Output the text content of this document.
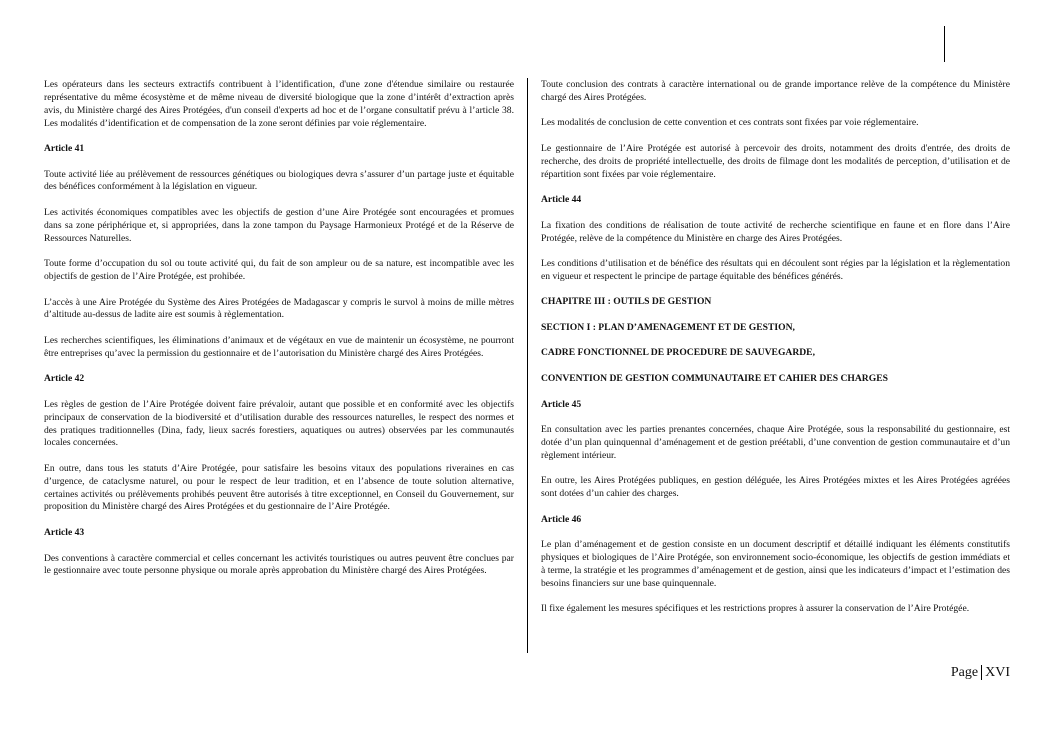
Les opérateurs dans les secteurs extractifs contribuent à l’identification, d'une zone d'étendue similaire ou restaurée représentative du même écosystème et de même niveau de diversité biologique que la zone d’intérêt d’extraction après avis, du Ministère chargé des Aires Protégées, d'un conseil d'experts ad hoc et de l’organe consultatif prévu à l’article 38. Les modalités d’identification et de compensation de la zone seront définies par voie réglementaire.

Article 41

Toute activité liée au prélèvement de ressources génétiques ou biologiques devra s’assurer d’un partage juste et équitable des bénéfices conformément à la législation en vigueur.

Les activités économiques compatibles avec les objectifs de gestion d’une Aire Protégée sont encouragées et promues dans sa zone périphérique et, si appropriées, dans la zone tampon du Paysage Harmonieux Protégé et de la Réserve de Ressources Naturelles.

Toute forme d’occupation du sol ou toute activité qui, du fait de son ampleur ou de sa nature, est incompatible avec les objectifs de gestion de l’Aire Protégée, est prohibée.

L’accès à une Aire Protégée du Système des Aires Protégées de Madagascar y compris le survol à moins de mille mètres d’altitude au-dessus de ladite aire est soumis à règlementation.

Les recherches scientifiques, les éliminations d’animaux et de végétaux en vue de maintenir un écosystème, ne pourront être entreprises qu’avec la permission du gestionnaire et de l’autorisation du Ministère chargé des Aires Protégées.

Article 42

Les règles de gestion de l’Aire Protégée doivent faire prévaloir, autant que possible et en conformité avec les objectifs principaux de conservation de la biodiversité et d’utilisation durable des ressources naturelles, le respect des normes et des pratiques traditionnelles (Dina, fady, lieux sacrés forestiers, aquatiques ou autres) observées par les communautés locales concernées.

En outre, dans tous les statuts d’Aire Protégée, pour satisfaire les besoins vitaux des populations riveraines en cas d’urgence, de cataclysme naturel, ou pour le respect de leur tradition, et en l’absence de toute solution alternative, certaines activités ou prélèvements prohibés peuvent être autorisés à titre exceptionnel, en Conseil du Gouvernement, sur proposition du Ministère chargé des Aires Protégées et du gestionnaire de l’Aire Protégée.

Article 43

Des conventions à caractère commercial et celles concernant les activités touristiques ou autres peuvent être conclues par le gestionnaire avec toute personne physique ou morale après approbation du Ministère chargé des Aires Protégées.

Toute conclusion des contrats à caractère international ou de grande importance relève de la compétence du Ministère chargé des Aires Protégées.

Les modalités de conclusion de cette convention et ces contrats sont fixées par voie réglementaire.

Le gestionnaire de l’Aire Protégée est autorisé à percevoir des droits, notamment des droits d'entrée, des droits de recherche, des droits de propriété intellectuelle, des droits de filmage dont les modalités de perception, d’utilisation et de répartition sont fixées par voie réglementaire.

Article 44

La fixation des conditions de réalisation de toute activité de recherche scientifique en faune et en flore dans l’Aire Protégée, relève de la compétence du Ministère en charge des Aires Protégées.

Les conditions d’utilisation et de bénéfice des résultats qui en découlent sont régies par la législation et la règlementation en vigueur et respectent le principe de partage équitable des bénéfices générés.

CHAPITRE III : OUTILS DE GESTION
SECTION I : PLAN D’AMENAGEMENT ET DE GESTION,
CADRE FONCTIONNEL DE PROCEDURE DE SAUVEGARDE,
CONVENTION DE GESTION COMMUNAUTAIRE ET CAHIER DES CHARGES
Article 45

En consultation avec les parties prenantes concernées, chaque Aire Protégée, sous la responsabilité du gestionnaire, est dotée d’un plan quinquennal d’aménagement et de gestion préétabli, d’une convention de gestion communautaire et d’un règlement intérieur.

En outre, les Aires Protégées publiques, en gestion déléguée, les Aires Protégées mixtes et les Aires Protégées agréées sont dotées d’un cahier des charges.

Article 46

Le plan d’aménagement et de gestion consiste en un document descriptif et détaillé indiquant les éléments constitutifs physiques et biologiques de l’Aire Protégée, son environnement socio-économique, les objectifs de gestion immédiats et à terme, la stratégie et les programmes d’aménagement et de gestion, ainsi que les indicateurs d’impact et l’estimation des besoins financiers sur une base quinquennale.

Il fixe également les mesures spécifiques et les restrictions propres à assurer la conservation de l’Aire Protégée.

Page XVI
